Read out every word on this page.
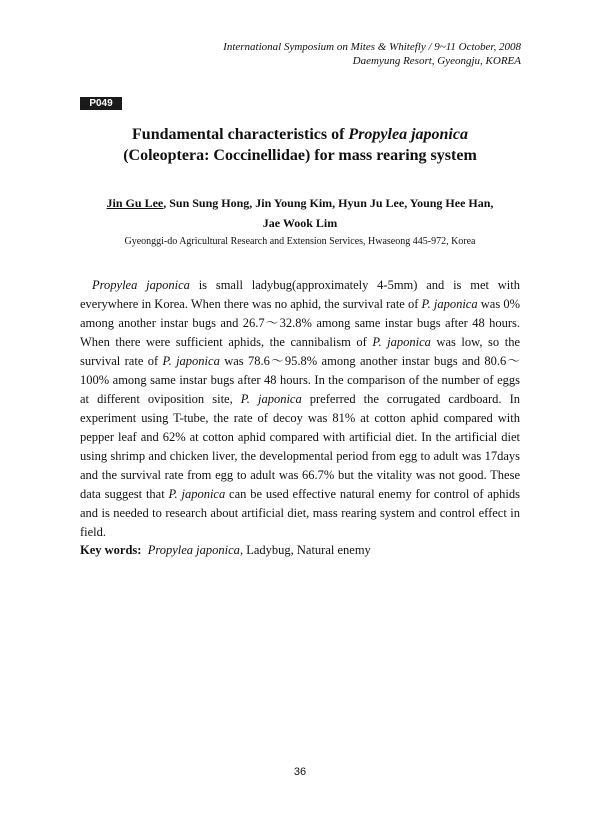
International Symposium on Mites & Whitefly / 9~11 October, 2008
Daemyung Resort, Gyeongju, KOREA
P049
Fundamental characteristics of Propylea japonica
(Coleoptera: Coccinellidae) for mass rearing system
Jin Gu Lee, Sun Sung Hong, Jin Young Kim, Hyun Ju Lee, Young Hee Han,
Jae Wook Lim
Gyeonggi-do Agricultural Research and Extension Services, Hwaseong 445-972, Korea

Propylea japonica is small ladybug(approximately 4-5mm) and is met with everywhere in Korea. When there was no aphid, the survival rate of P. japonica was 0% among another instar bugs and 26.7～32.8% among same instar bugs after 48 hours. When there were sufficient aphids, the cannibalism of P. japonica was low, so the survival rate of P. japonica was 78.6～95.8% among another instar bugs and 80.6～100% among same instar bugs after 48 hours. In the comparison of the number of eggs at different oviposition site, P. japonica preferred the corrugated cardboard. In experiment using T-tube, the rate of decoy was 81% at cotton aphid compared with pepper leaf and 62% at cotton aphid compared with artificial diet. In the artificial diet using shrimp and chicken liver, the developmental period from egg to adult was 17days and the survival rate from egg to adult was 66.7% but the vitality was not good. These data suggest that P. japonica can be used effective natural enemy for control of aphids and is needed to research about artificial diet, mass rearing system and control effect in field.

Key words: Propylea japonica, Ladybug, Natural enemy
36
